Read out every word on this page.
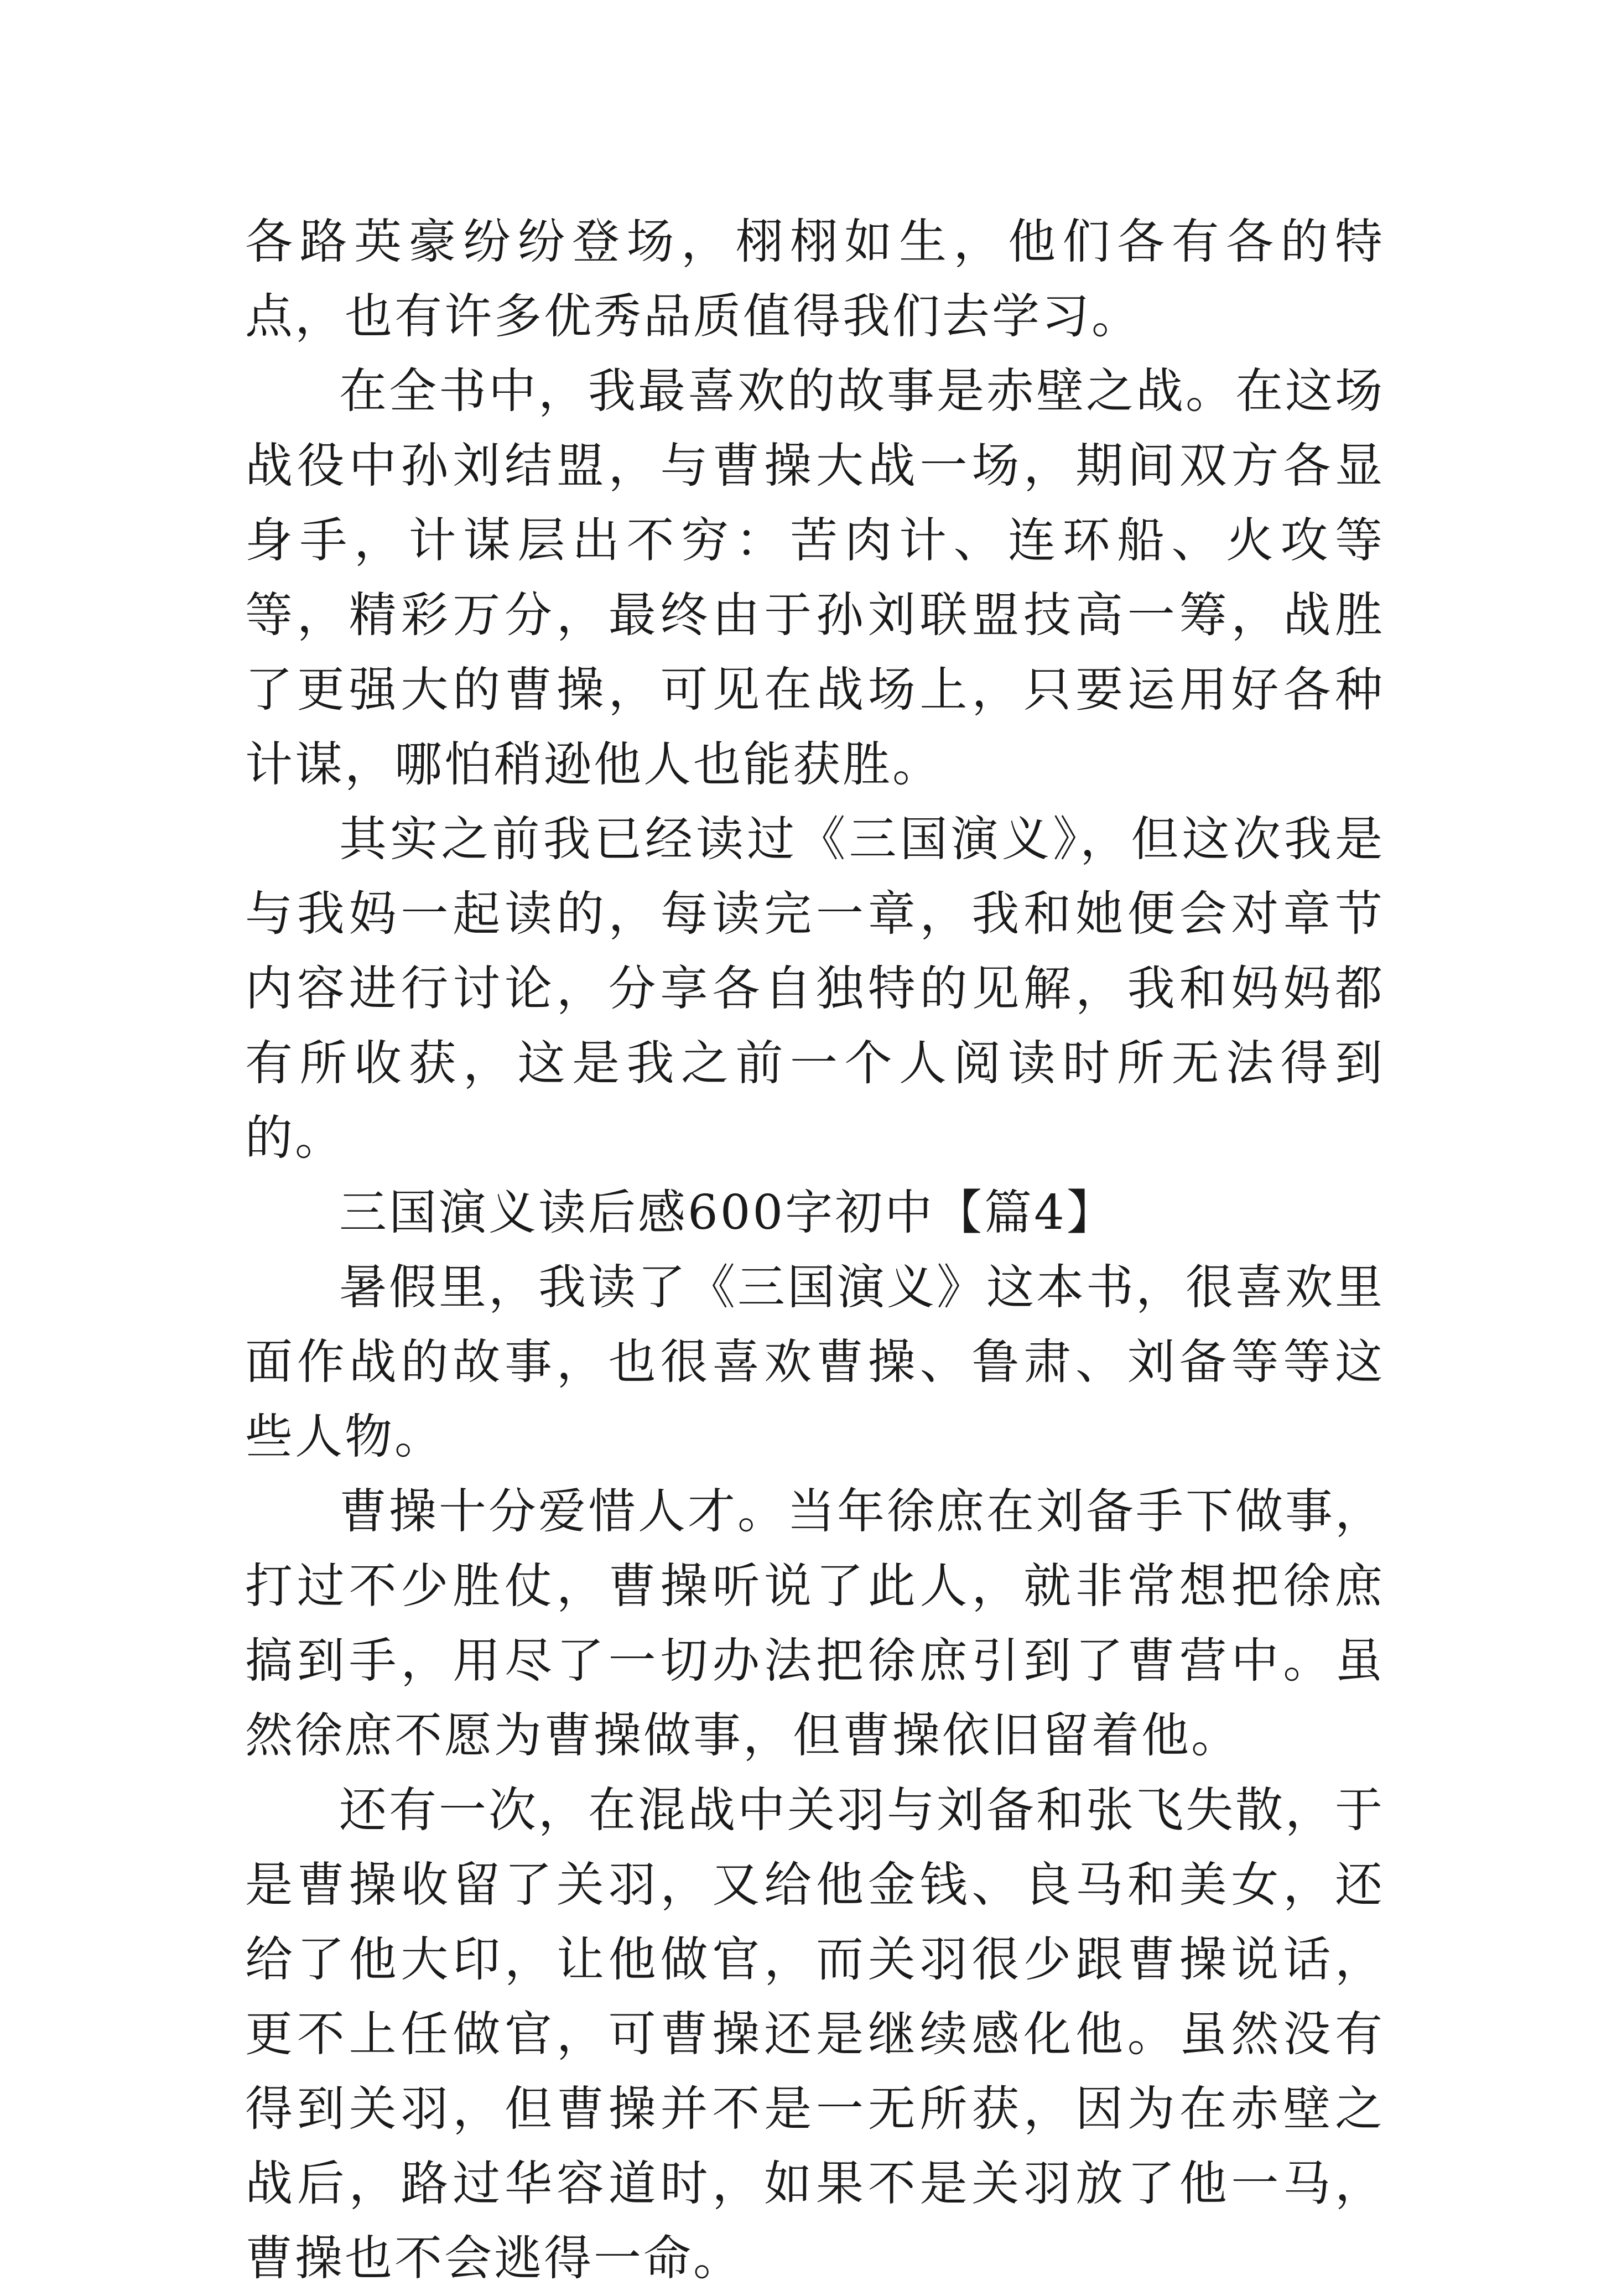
各路英豪纷纷登场，栩栩如生，他们各有各的特点，也有许多优秀品质值得我们去学习。

在全书中，我最喜欢的故事是赤壁之战。在这场战役中孙刘结盟，与曹操大战一场，期间双方各显身手，计谋层出不穷：苦肉计、连环船、火攻等等，精彩万分，最终由于孙刘联盟技高一筹，战胜了更强大的曹操，可见在战场上，只要运用好各种计谋，哪怕稍逊他人也能获胜。

其实之前我已经读过《三国演义》，但这次我是与我妈一起读的，每读完一章，我和她便会对章节内容进行讨论，分享各自独特的见解，我和妈妈都有所收获，这是我之前一个人阅读时所无法得到的。

三国演义读后感600字初中【篇4】

暑假里，我读了《三国演义》这本书，很喜欢里面作战的故事，也很喜欢曹操、鲁肃、刘备等等这些人物。

曹操十分爱惜人才。当年徐庶在刘备手下做事，打过不少胜仗，曹操听说了此人，就非常想把徐庶搞到手，用尽了一切办法把徐庶引到了曹营中。虽然徐庶不愿为曹操做事，但曹操依旧留着他。

还有一次，在混战中关羽与刘备和张飞失散，于是曹操收留了关羽，又给他金钱、良马和美女，还给了他大印，让他做官，而关羽很少跟曹操说话，更不上任做官，可曹操还是继续感化他。虽然没有得到关羽，但曹操并不是一无所获，因为在赤壁之战后，路过华容道时，如果不是关羽放了他一马，曹操也不会逃得一命。
